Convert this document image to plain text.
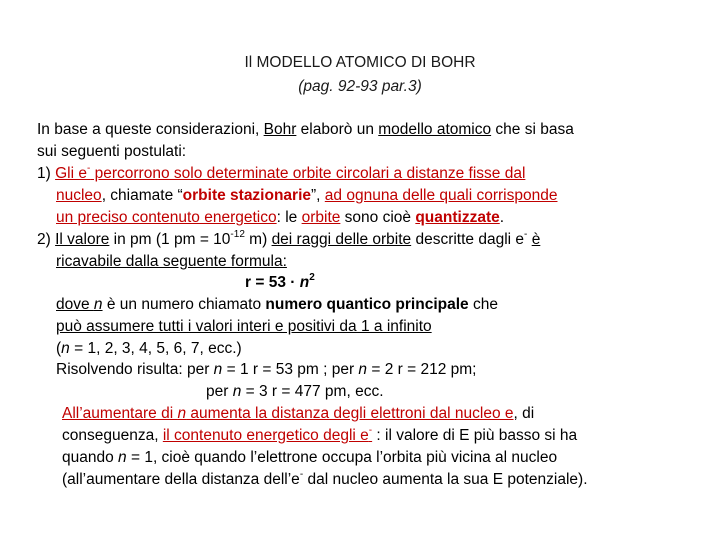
Il MODELLO ATOMICO DI BOHR
(pag. 92-93 par.3)
In base a queste considerazioni, Bohr elaborò un modello atomico che si basa
sui seguenti postulati:
1) Gli e- percorrono solo determinate orbite circolari a distanze fisse dal
nucleo, chiamate “orbite stazionarie”, ad ognuna delle quali corrisponde
un preciso contenuto energetico: le orbite sono cioè quantizzate.
2) Il valore in pm (1 pm = $10^{-12}$ m) dei raggi delle orbite descritte dagli e- è
ricavabile dalla seguente formula:
$r = 53 \cdot n^2$
dove n è un numero chiamato numero quantico principale che
può assumere tutti i valori interi e positivi da 1 a infinito
(n = 1, 2, 3, 4, 5, 6, 7, ecc.)
Risolvendo risulta: per n = 1 r = 53 pm ; per n = 2 r = 212 pm;
per n = 3 r = 477 pm, ecc.
All’aumentare di n aumenta la distanza degli elettroni dal nucleo e, di
conseguenza, il contenuto energetico degli e- : il valore di E più basso si ha
quando n = 1, cioè quando l’elettrone occupa l’orbita più vicina al nucleo
(all’aumentare della distanza dell’e- dal nucleo aumenta la sua E potenziale).
